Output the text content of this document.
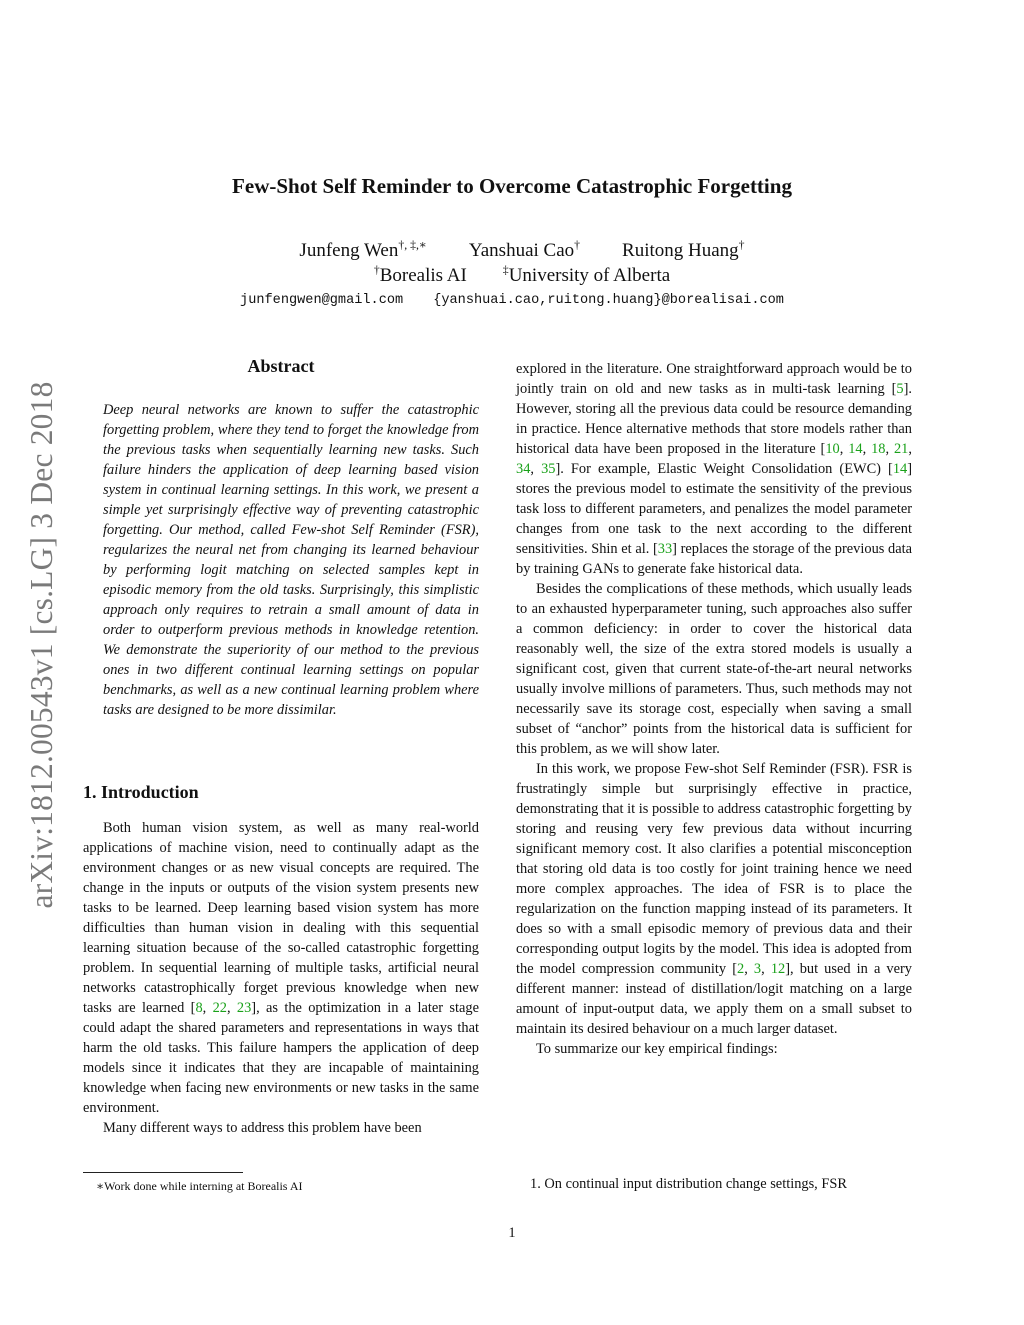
arXiv:1812.00543v1 [cs.LG] 3 Dec 2018
Few-Shot Self Reminder to Overcome Catastrophic Forgetting
Junfeng Wen†, ‡,∗ Yanshuai Cao† Ruitong Huang†
†Borealis AI	‡University of Alberta
junfengwen@gmail.com {yanshuai.cao,ruitong.huang}@borealisai.com
Abstract

Deep neural networks are known to suffer the catastrophic forgetting problem, where they tend to forget the knowledge from the previous tasks when sequentially learning new tasks. Such failure hinders the application of deep learning based vision system in continual learning settings. In this work, we present a simple yet surprisingly effective way of preventing catastrophic forgetting. Our method, called Few-shot Self Reminder (FSR), regularizes the neural net from changing its learned behaviour by performing logit matching on selected samples kept in episodic memory from the old tasks. Surprisingly, this simplistic approach only requires to retrain a small amount of data in order to outperform previous methods in knowledge retention. We demonstrate the superiority of our method to the previous ones in two different continual learning settings on popular benchmarks, as well as a new continual learning problem where tasks are designed to be more dissimilar.

1. Introduction

Both human vision system, as well as many real-world applications of machine vision, need to continually adapt as the environment changes or as new visual concepts are required. The change in the inputs or outputs of the vision system presents new tasks to be learned. Deep learning based vision system has more difficulties than human vision in dealing with this sequential learning situation because of the so-called catastrophic forgetting problem. In sequential learning of multiple tasks, artificial neural networks catastrophically forget previous knowledge when new tasks are learned [8, 22, 23], as the optimization in a later stage could adapt the shared parameters and representations in ways that harm the old tasks. This failure hampers the application of deep models since it indicates that they are incapable of maintaining knowledge when facing new environments or new tasks in the same environment.

Many different ways to address this problem have been

∗Work done while interning at Borealis AI

explored in the literature. One straightforward approach would be to jointly train on old and new tasks as in multi-task learning [5]. However, storing all the previous data could be resource demanding in practice. Hence alternative methods that store models rather than historical data have been proposed in the literature [10, 14, 18, 21, 34, 35]. For example, Elastic Weight Consolidation (EWC) [14] stores the previous model to estimate the sensitivity of the previous task loss to different parameters, and penalizes the model parameter changes from one task to the next according to the different sensitivities. Shin et al. [33] replaces the storage of the previous data by training GANs to generate fake historical data.

Besides the complications of these methods, which usually leads to an exhausted hyperparameter tuning, such approaches also suffer a common deficiency: in order to cover the historical data reasonably well, the size of the extra stored models is usually a significant cost, given that current state-of-the-art neural networks usually involve millions of parameters. Thus, such methods may not necessarily save its storage cost, especially when saving a small subset of “anchor” points from the historical data is sufficient for this problem, as we will show later.

In this work, we propose Few-shot Self Reminder (FSR). FSR is frustratingly simple but surprisingly effective in practice, demonstrating that it is possible to address catastrophic forgetting by storing and reusing very few previous data without incurring significant memory cost. It also clarifies a potential misconception that storing old data is too costly for joint training hence we need more complex approaches. The idea of FSR is to place the regularization on the function mapping instead of its parameters. It does so with a small episodic memory of previous data and their corresponding output logits by the model. This idea is adopted from the model compression community [2, 3, 12], but used in a very different manner: instead of distillation/logit matching on a large amount of input-output data, we apply them on a small subset to maintain its desired behaviour on a much larger dataset.

To summarize our key empirical findings:

1. On continual input distribution change settings, FSR
1
